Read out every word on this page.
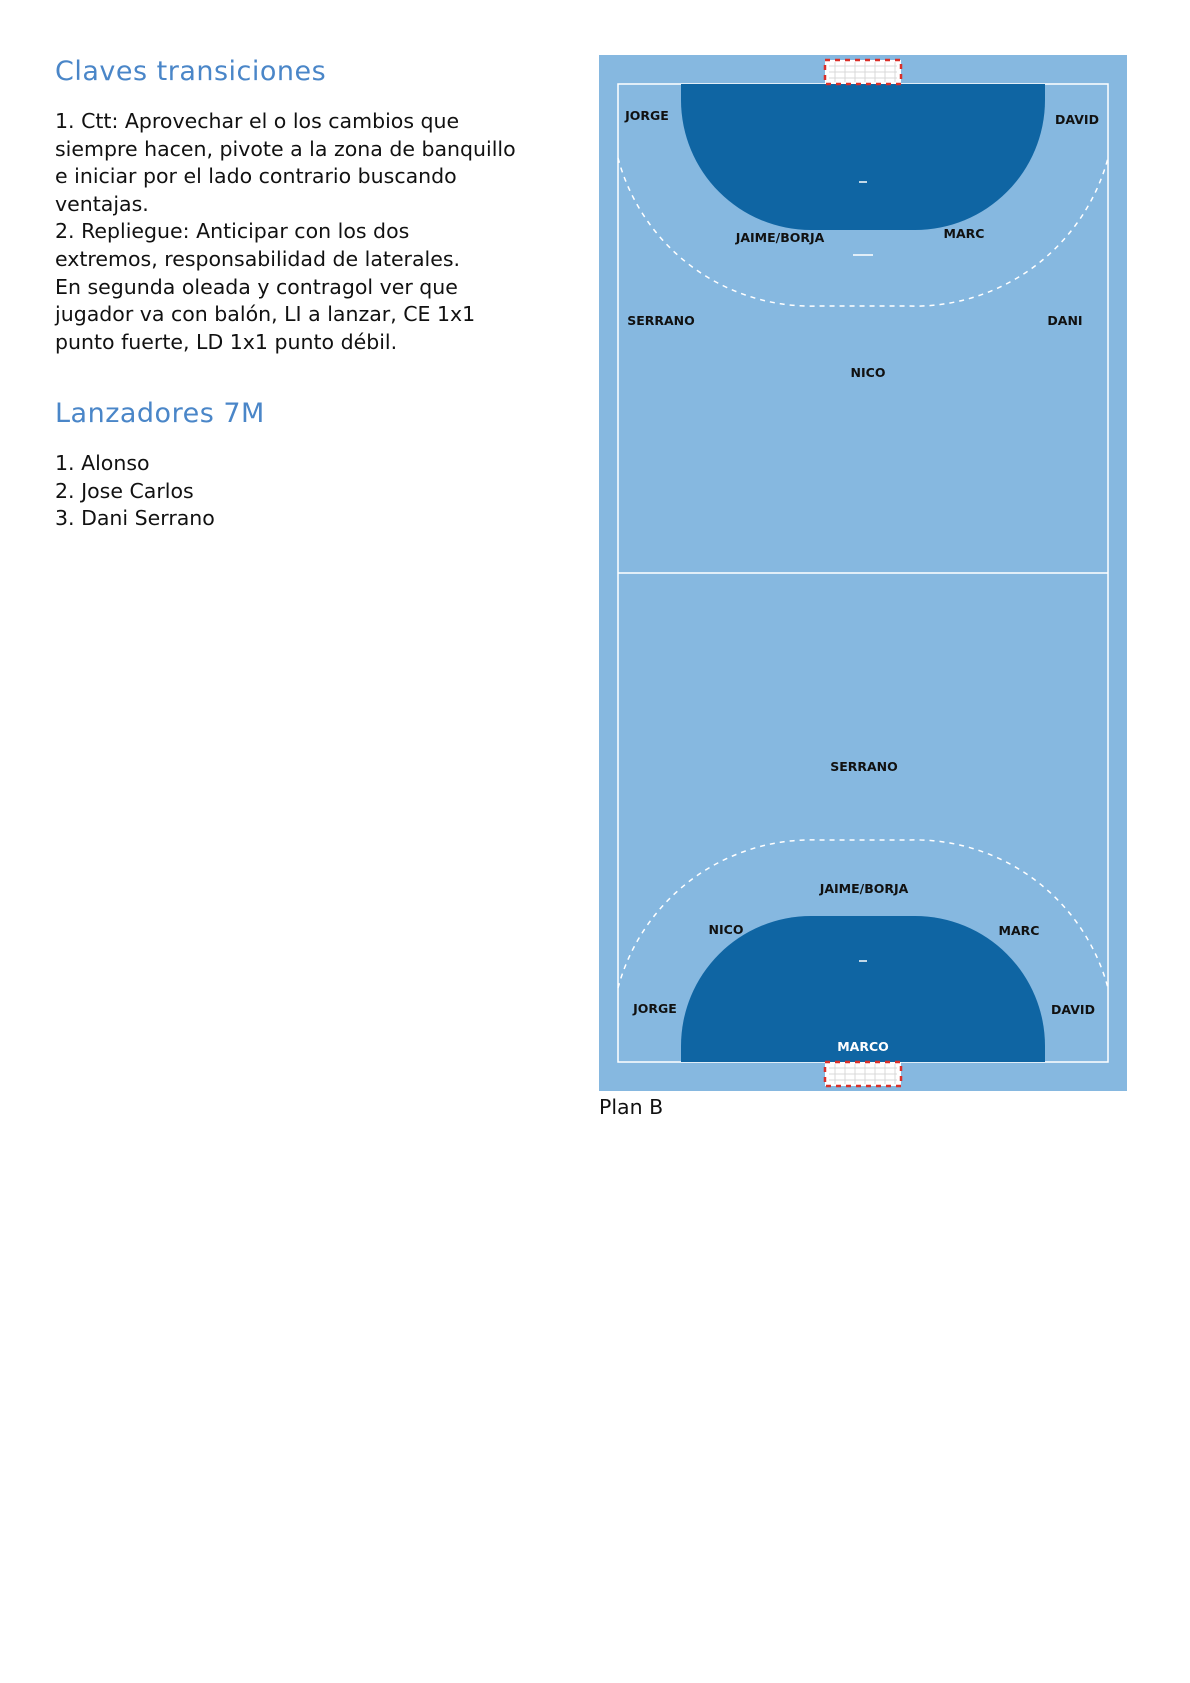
Claves transiciones
1. Ctt: Aprovechar el o los cambios que
siempre hacen, pivote a la zona de banquillo
e iniciar por el lado contrario buscando
ventajas.
2. Repliegue: Anticipar con los dos
extremos, responsabilidad de laterales.
En segunda oleada y contragol ver que
jugador va con balón, LI a lanzar, CE 1x1
punto fuerte, LD 1x1 punto débil.
Lanzadores 7M
1. Alonso
2. Jose Carlos
3. Dani Serrano
JORGE	DAVID
JAIME/BORJA	MARC
SERRANO	DANI
NICO
SERRANO
JAIME/BORJA
NICO	MARC
JORGE	DAVID
MARCO

Plan B
